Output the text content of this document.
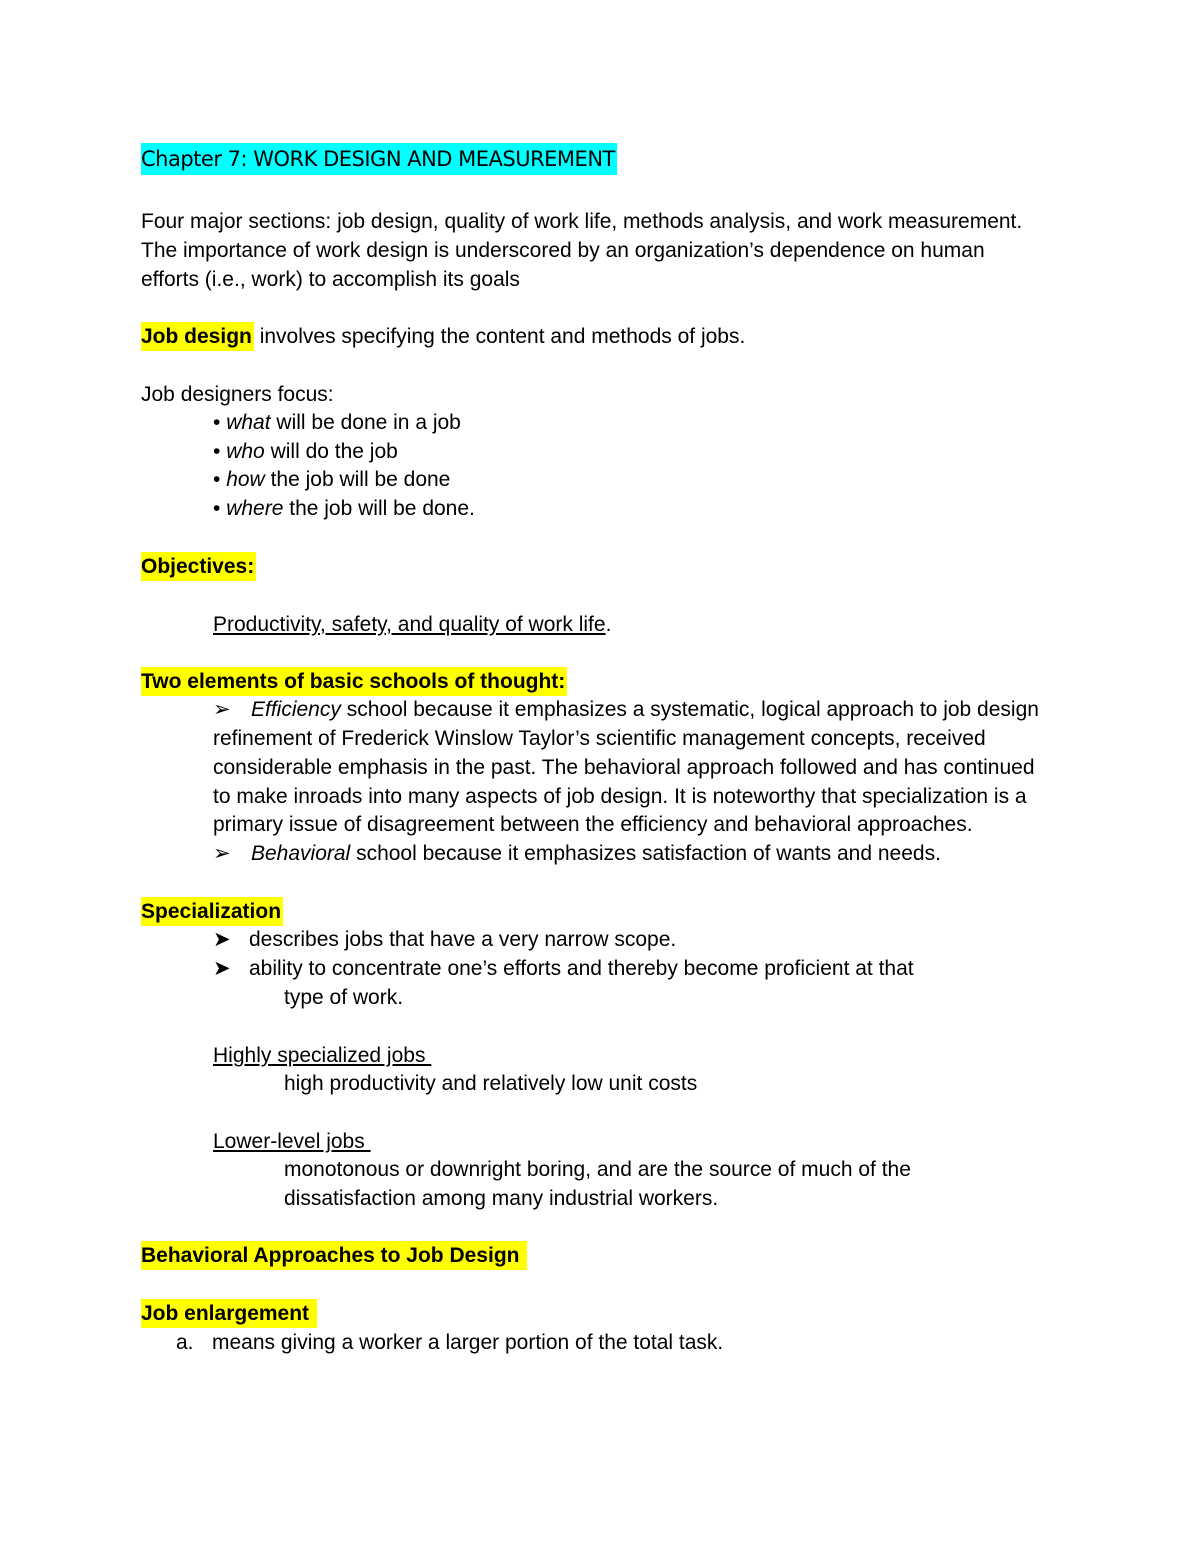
Chapter 7: WORK DESIGN AND MEASUREMENT
Four major sections: job design, quality of work life, methods analysis, and work measurement.
The importance of work design is underscored by an organization’s dependence on human
efforts (i.e., work) to accomplish its goals
Job design involves specifying the content and methods of jobs.
Job designers focus:
• what will be done in a job
• who will do the job
• how the job will be done
• where the job will be done.
Objectives:
Productivity, safety, and quality of work life.
Two elements of basic schools of thought:
➢ Efficiency school because it emphasizes a systematic, logical approach to job design
refinement of Frederick Winslow Taylor’s scientific management concepts, received
considerable emphasis in the past. The behavioral approach followed and has continued
to make inroads into many aspects of job design. It is noteworthy that specialization is a
primary issue of disagreement between the efficiency and behavioral approaches.
➢ Behavioral school because it emphasizes satisfaction of wants and needs.
Specialization
➤ describes jobs that have a very narrow scope.
➤ ability to concentrate one’s efforts and thereby become proficient at that
type of work.
Highly specialized jobs
high productivity and relatively low unit costs
Lower-level jobs
monotonous or downright boring, and are the source of much of the
dissatisfaction among many industrial workers.
Behavioral Approaches to Job Design
Job enlargement
a. means giving a worker a larger portion of the total task.
